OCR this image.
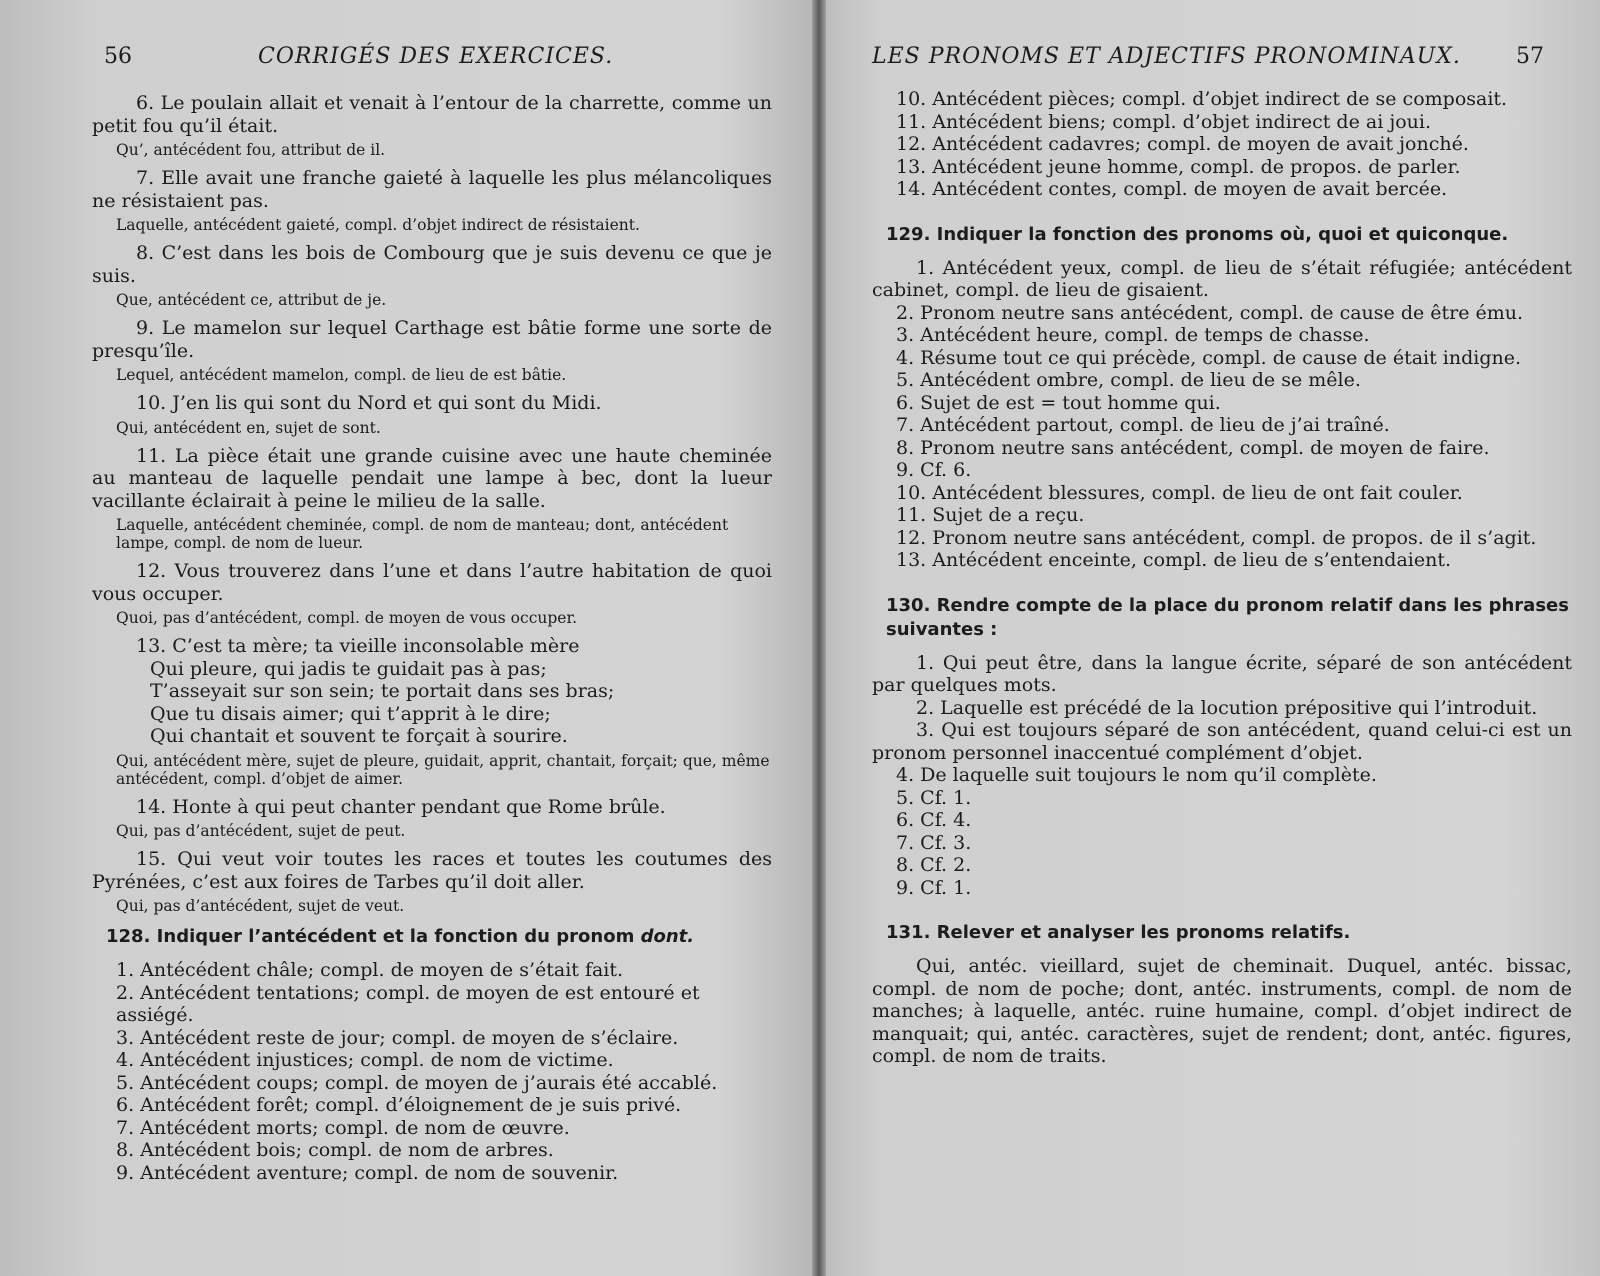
56	CORRIGÉS DES EXERCICES.

6. Le poulain allait et venait à l’entour de la charrette, comme un petit fou qu’il était.

Qu’, antécédent fou, attribut de il.

7. Elle avait une franche gaieté à laquelle les plus mélancoliques ne résistaient pas.

Laquelle, antécédent gaieté, compl. d’objet indirect de résistaient.

8. C’est dans les bois de Combourg que je suis devenu ce que je suis.

Que, antécédent ce, attribut de je.

9. Le mamelon sur lequel Carthage est bâtie forme une sorte de presqu’île.

Lequel, antécédent mamelon, compl. de lieu de est bâtie.

10. J’en lis qui sont du Nord et qui sont du Midi.

Qui, antécédent en, sujet de sont.

11. La pièce était une grande cuisine avec une haute cheminée au manteau de laquelle pendait une lampe à bec, dont la lueur vacillante éclairait à peine le milieu de la salle.

Laquelle, antécédent cheminée, compl. de nom de manteau; dont, antécédent lampe, compl. de nom de lueur.

12. Vous trouverez dans l’une et dans l’autre habitation de quoi vous occuper.

Quoi, pas d’antécédent, compl. de moyen de vous occuper.

13. C’est ta mère; ta vieille inconsolable mère

Qui pleure, qui jadis te guidait pas à pas;

T’asseyait sur son sein; te portait dans ses bras;

Que tu disais aimer; qui t’apprit à le dire;

Qui chantait et souvent te forçait à sourire.

Qui, antécédent mère, sujet de pleure, guidait, apprit, chantait, forçait; que, même antécédent, compl. d’objet de aimer.

14. Honte à qui peut chanter pendant que Rome brûle.

Qui, pas d’antécédent, sujet de peut.

15. Qui veut voir toutes les races et toutes les coutumes des Pyrénées, c’est aux foires de Tarbes qu’il doit aller.

Qui, pas d’antécédent, sujet de veut.

128. Indiquer l’antécédent et la fonction du pronom dont.
1. Antécédent châle; compl. de moyen de s’était fait.
2. Antécédent tentations; compl. de moyen de est entouré et assiégé.
3. Antécédent reste de jour; compl. de moyen de s’éclaire.
4. Antécédent injustices; compl. de nom de victime.
5. Antécédent coups; compl. de moyen de j’aurais été accablé.
6. Antécédent forêt; compl. d’éloignement de je suis privé.
7. Antécédent morts; compl. de nom de œuvre.
8. Antécédent bois; compl. de nom de arbres.
9. Antécédent aventure; compl. de nom de souvenir.
LES PRONOMS ET ADJECTIFS PRONOMINAUX.	57
10. Antécédent pièces; compl. d’objet indirect de se composait.
11. Antécédent biens; compl. d’objet indirect de ai joui.
12. Antécédent cadavres; compl. de moyen de avait jonché.
13. Antécédent jeune homme, compl. de propos. de parler.
14. Antécédent contes, compl. de moyen de avait bercée.
129. Indiquer la fonction des pronoms où, quoi et quiconque.

1. Antécédent yeux, compl. de lieu de s’était réfugiée; antécédent cabinet, compl. de lieu de gisaient.

2. Pronom neutre sans antécédent, compl. de cause de être ému.
3. Antécédent heure, compl. de temps de chasse.
4. Résume tout ce qui précède, compl. de cause de était indigne.
5. Antécédent ombre, compl. de lieu de se mêle.
6. Sujet de est = tout homme qui.
7. Antécédent partout, compl. de lieu de j’ai traîné.
8. Pronom neutre sans antécédent, compl. de moyen de faire.
9. Cf. 6.
10. Antécédent blessures, compl. de lieu de ont fait couler.
11. Sujet de a reçu.
12. Pronom neutre sans antécédent, compl. de propos. de il s’agit.
13. Antécédent enceinte, compl. de lieu de s’entendaient.
130. Rendre compte de la place du pronom relatif dans les phrases suivantes :

1. Qui peut être, dans la langue écrite, séparé de son antécédent par quelques mots.

2. Laquelle est précédé de la locution prépositive qui l’introduit.

3. Qui est toujours séparé de son antécédent, quand celui-ci est un pronom personnel inaccentué complément d’objet.

4. De laquelle suit toujours le nom qu’il complète.
5. Cf. 1.
6. Cf. 4.
7. Cf. 3.
8. Cf. 2.
9. Cf. 1.
131. Relever et analyser les pronoms relatifs.

Qui, antéc. vieillard, sujet de cheminait. Duquel, antéc. bissac, compl. de nom de poche; dont, antéc. instruments, compl. de nom de manches; à laquelle, antéc. ruine humaine, compl. d’objet indirect de manquait; qui, antéc. caractères, sujet de rendent; dont, antéc. figures, compl. de nom de traits.
